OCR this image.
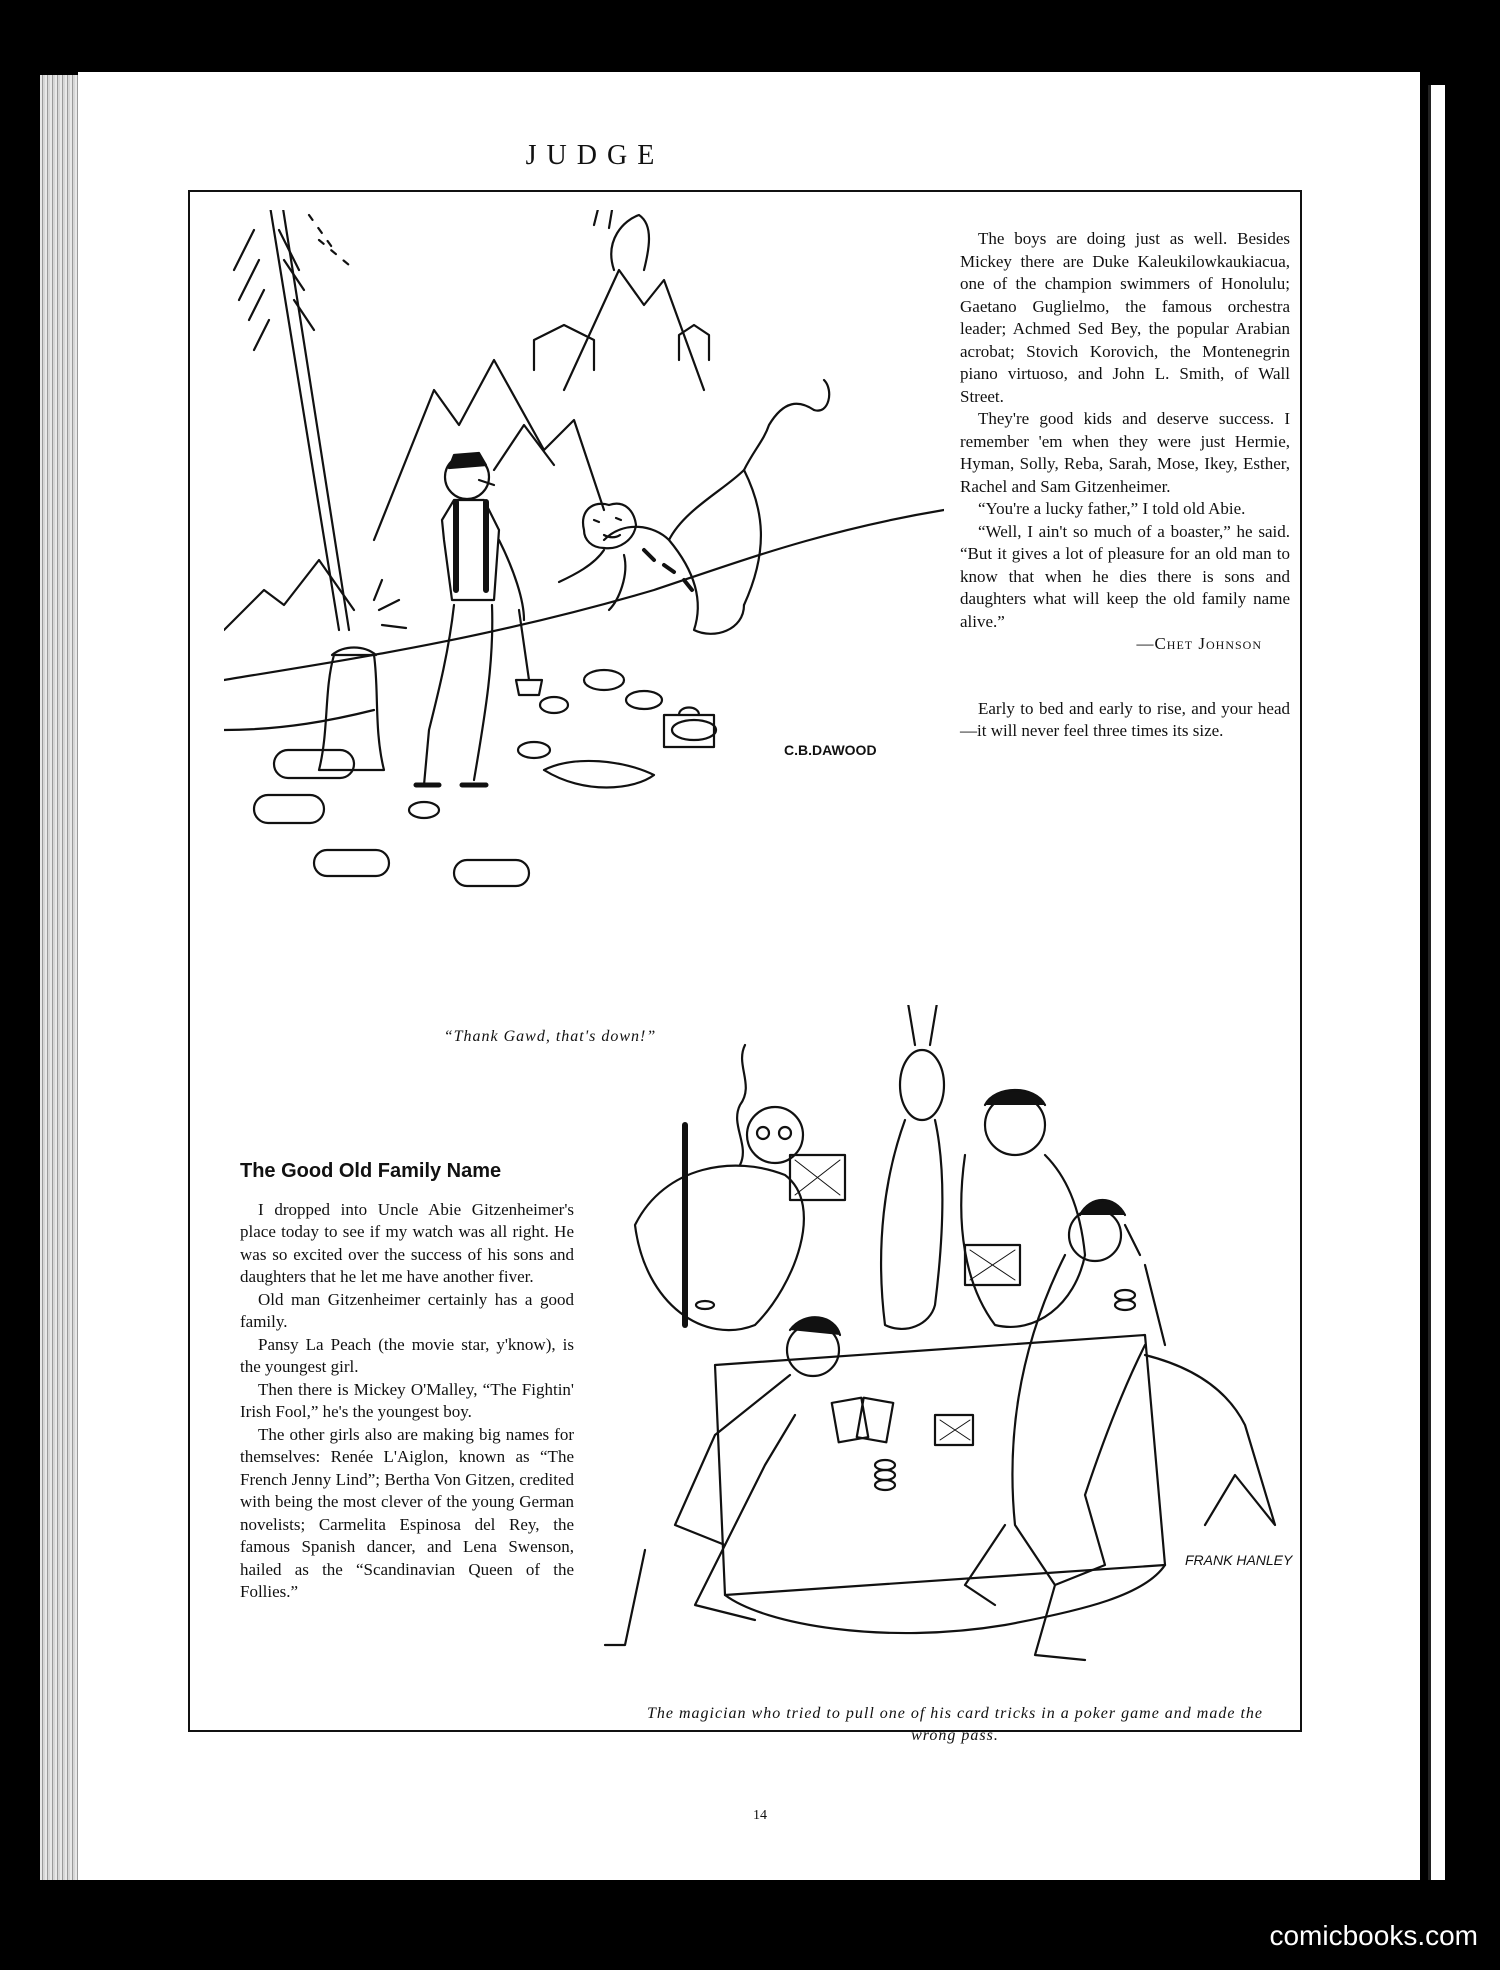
JUDGE
C.B.DAWOOD
“Thank Gawd, that's down!”
FRANK HANLEY
The magician who tried to pull one of his card tricks in a poker game and made the wrong pass.

The boys are doing just as well. Besides Mickey there are Duke Kaleukilowkaukiacua, one of the champion swimmers of Honolulu; Gaetano Guglielmo, the famous orchestra leader; Achmed Sed Bey, the popular Arabian acrobat; Stovich Korovich, the Montenegrin piano virtuoso, and John L. Smith, of Wall Street.

They're good kids and deserve success. I remember 'em when they were just Hermie, Hyman, Solly, Reba, Sarah, Mose, Ikey, Esther, Rachel and Sam Gitzenheimer.

“You're a lucky father,” I told old Abie.

“Well, I ain't so much of a boaster,” he said. “But it gives a lot of pleasure for an old man to know that when he dies there is sons and daughters what will keep the old family name alive.”

—Chet Johnson

Early to bed and early to rise, and your head—it will never feel three times its size.

The Good Old Family Name

I dropped into Uncle Abie Gitzenheimer's place today to see if my watch was all right. He was so excited over the success of his sons and daughters that he let me have another fiver.

Old man Gitzenheimer certainly has a good family.

Pansy La Peach (the movie star, y'know), is the youngest girl.

Then there is Mickey O'Malley, “The Fightin' Irish Fool,” he's the youngest boy.

The other girls also are making big names for themselves: Renée L'Aiglon, known as “The French Jenny Lind”; Bertha Von Gitzen, credited with being the most clever of the young German novelists; Carmelita Espinosa del Rey, the famous Spanish dancer, and Lena Swenson, hailed as the “Scandinavian Queen of the Follies.”

14
comicbooks.com
